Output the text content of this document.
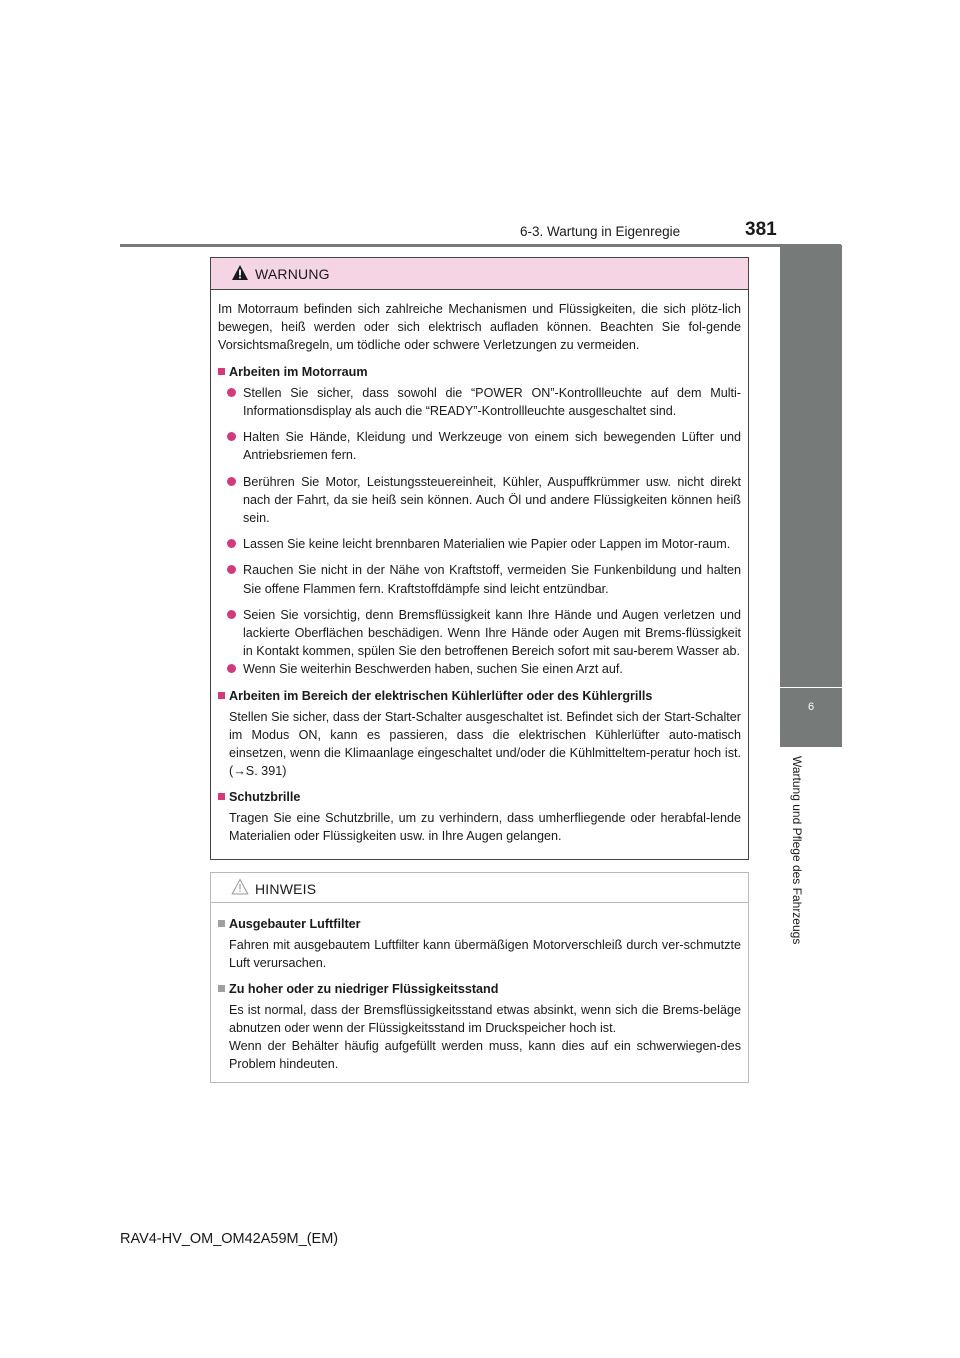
6-3. Wartung in Eigenregie	381
6
Wartung und Pflege des Fahrzeugs
WARNUNG

Im Motorraum befinden sich zahlreiche Mechanismen und Flüssigkeiten, die sich plötz-lich bewegen, heiß werden oder sich elektrisch aufladen können. Beachten Sie fol-gende Vorsichtsmaßregeln, um tödliche oder schwere Verletzungen zu vermeiden.

Arbeiten im Motorraum
Stellen Sie sicher, dass sowohl die “POWER ON”-Kontrollleuchte auf dem Multi-Informationsdisplay als auch die “READY”-Kontrollleuchte ausgeschaltet sind.
Halten Sie Hände, Kleidung und Werkzeuge von einem sich bewegenden Lüfter und Antriebsriemen fern.
Berühren Sie Motor, Leistungssteuereinheit, Kühler, Auspuffkrümmer usw. nicht direkt nach der Fahrt, da sie heiß sein können. Auch Öl und andere Flüssigkeiten können heiß sein.
Lassen Sie keine leicht brennbaren Materialien wie Papier oder Lappen im Motor-raum.
Rauchen Sie nicht in der Nähe von Kraftstoff, vermeiden Sie Funkenbildung und halten Sie offene Flammen fern. Kraftstoffdämpfe sind leicht entzündbar.
Seien Sie vorsichtig, denn Bremsflüssigkeit kann Ihre Hände und Augen verletzen und lackierte Oberflächen beschädigen. Wenn Ihre Hände oder Augen mit Brems-flüssigkeit in Kontakt kommen, spülen Sie den betroffenen Bereich sofort mit sau-berem Wasser ab.
Wenn Sie weiterhin Beschwerden haben, suchen Sie einen Arzt auf.
Arbeiten im Bereich der elektrischen Kühlerlüfter oder des Kühlergrills
Stellen Sie sicher, dass der Start-Schalter ausgeschaltet ist. Befindet sich der Start-Schalter im Modus ON, kann es passieren, dass die elektrischen Kühlerlüfter auto-matisch einsetzen, wenn die Klimaanlage eingeschaltet und/oder die Kühlmitteltem-peratur hoch ist. (→S. 391)
Schutzbrille
Tragen Sie eine Schutzbrille, um zu verhindern, dass umherfliegende oder herabfal-lende Materialien oder Flüssigkeiten usw. in Ihre Augen gelangen.
HINWEIS
Ausgebauter Luftfilter
Fahren mit ausgebautem Luftfilter kann übermäßigen Motorverschleiß durch ver-schmutzte Luft verursachen.
Zu hoher oder zu niedriger Flüssigkeitsstand
Es ist normal, dass der Bremsflüssigkeitsstand etwas absinkt, wenn sich die Brems-beläge abnutzen oder wenn der Flüssigkeitsstand im Druckspeicher hoch ist.
Wenn der Behälter häufig aufgefüllt werden muss, kann dies auf ein schwerwiegen-des Problem hindeuten.
RAV4-HV_OM_OM42A59M_(EM)
